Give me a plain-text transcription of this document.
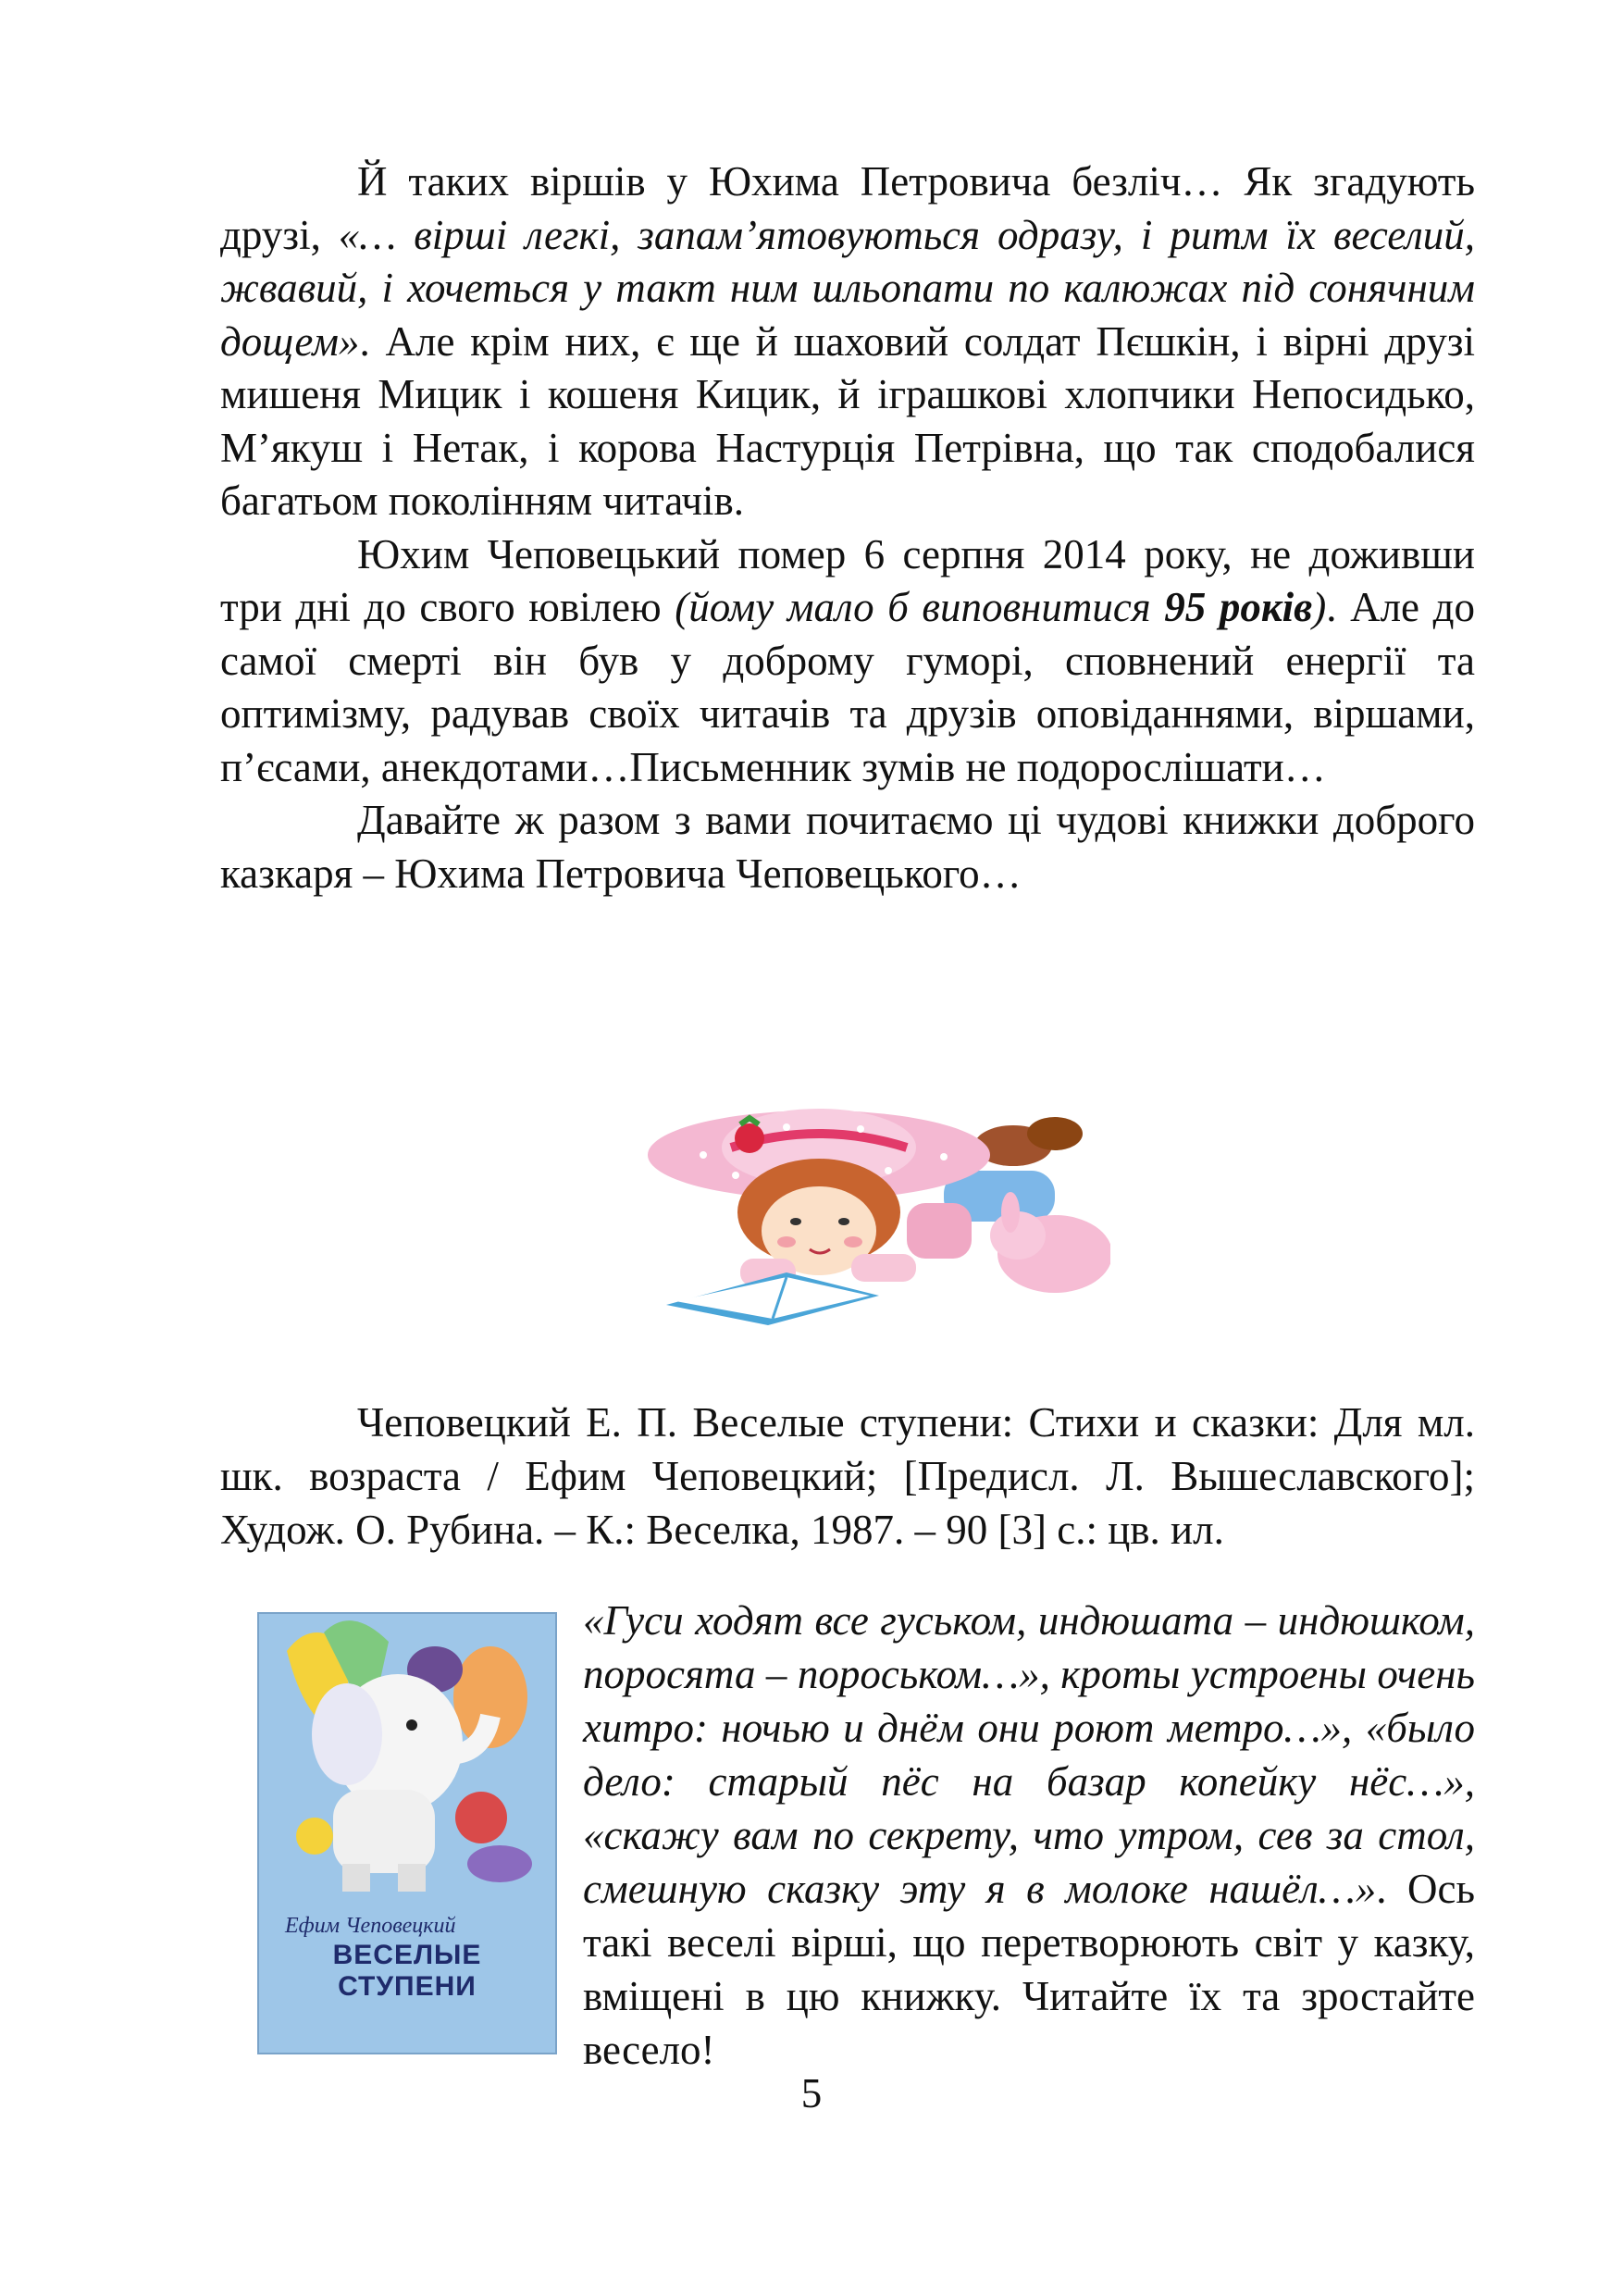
Й таких віршів у Юхима Петровича безліч… Як згадують друзі, «… вірші легкі, запам’ятовуються одразу, і ритм їх веселий, жвавий, і хочеться у такт ним шльопати по калюжах під сонячним дощем». Але крім них, є ще й шаховий солдат Пєшкін, і вірні друзі мишеня Мицик і кошеня Кицик, й іграшкові хлопчики Непосидько, М’якуш і Нетак, і корова Настурція Петрівна, що так сподобалися багатьом поколінням читачів.

Юхим Чеповецький помер 6 серпня 2014 року, не доживши три дні до свого ювілею (йому мало б виповнитися 95 років). Але до самої смерті він був у доброму гуморі, сповнений енергії та оптимізму, радував своїх читачів та друзів оповіданнями, віршами, п’єсами, анекдотами…Письменник зумів не подорослішати…

Давайте ж разом з вами почитаємо ці чудові книжки доброго казкаря – Юхима Петровича Чеповецького…

Чеповецкий Е. П. Веселые ступени: Стихи и сказки: Для мл. шк. возраста / Ефим Чеповецкий; [Предисл. Л. Вышеславского]; Худож. О. Рубина. – К.: Веселка, 1987. – 90 [3] с.: цв. ил.

Ефим Чеповецкий
ВЕСЕЛЫЕ СТУПЕНИ

«Гуси ходят все гуськом, индюшата – индюшком, поросята – пороськом…», кроты устроены очень хитро: ночью и днём они роют метро…», «было дело: старый пёс на базар копейку нёс…», «скажу вам по секрету, что утром, сев за стол, смешную сказку эту я в молоке нашёл…». Ось такі веселі вірші, що перетворюють світ у казку, вміщені в цю книжку. Читайте їх та зростайте весело!

5
